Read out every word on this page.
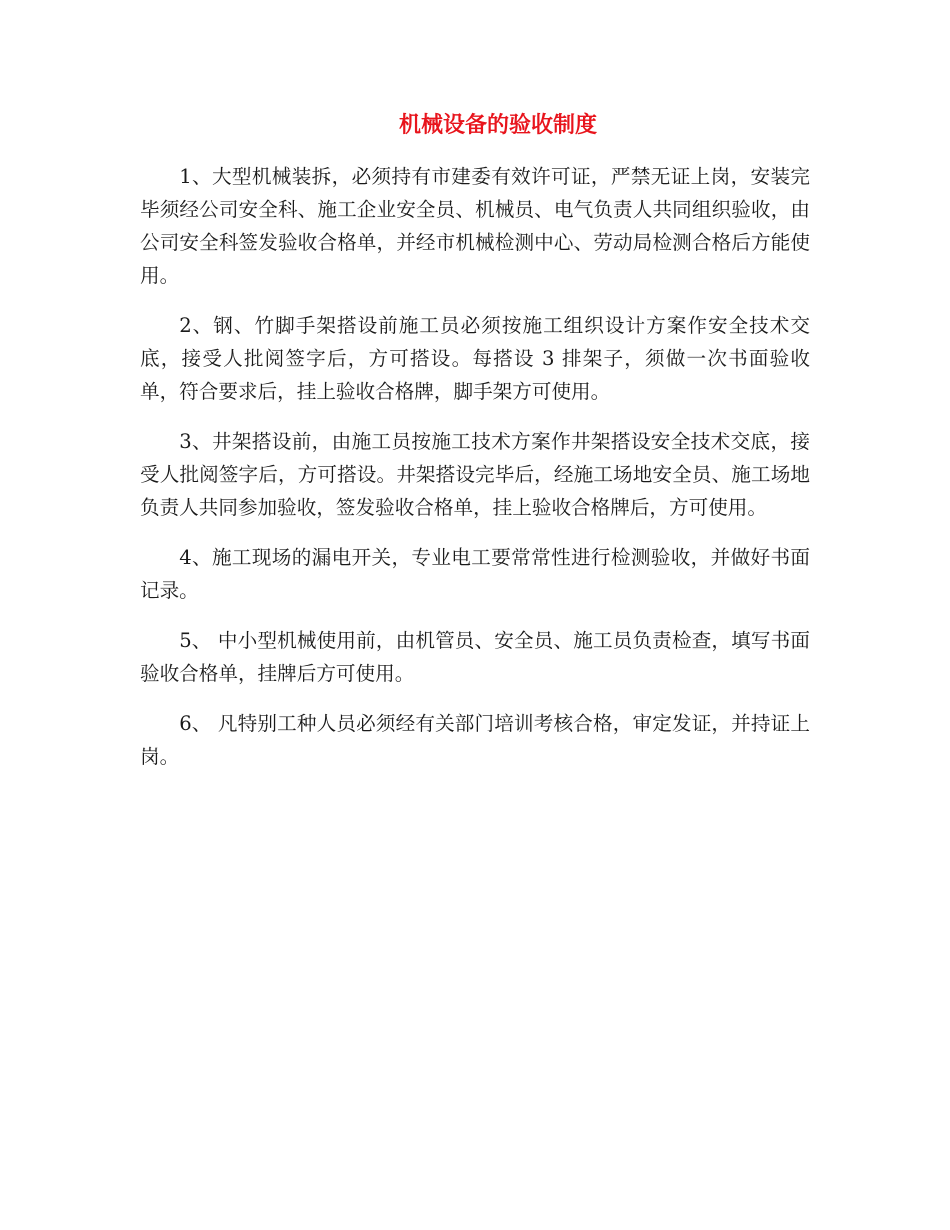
机械设备的验收制度

1、大型机械装拆，必须持有市建委有效许可证，严禁无证上岗，安装完毕须经公司安全科、施工企业安全员、机械员、电气负责人共同组织验收，由公司安全科签发验收合格单，并经市机械检测中心、劳动局检测合格后方能使用。

2、钢、竹脚手架搭设前施工员必须按施工组织设计方案作安全技术交底，接受人批阅签字后，方可搭设。每搭设 3 排架子，须做一次书面验收单，符合要求后，挂上验收合格牌，脚手架方可使用。

3、井架搭设前，由施工员按施工技术方案作井架搭设安全技术交底，接受人批阅签字后，方可搭设。井架搭设完毕后，经施工场地安全员、施工场地负责人共同参加验收，签发验收合格单，挂上验收合格牌后，方可使用。

4、施工现场的漏电开关，专业电工要常常性进行检测验收，并做好书面记录。

5、 中小型机械使用前，由机管员、安全员、施工员负责检查，填写书面验收合格单，挂牌后方可使用。

6、 凡特别工种人员必须经有关部门培训考核合格，审定发证，并持证上岗。
